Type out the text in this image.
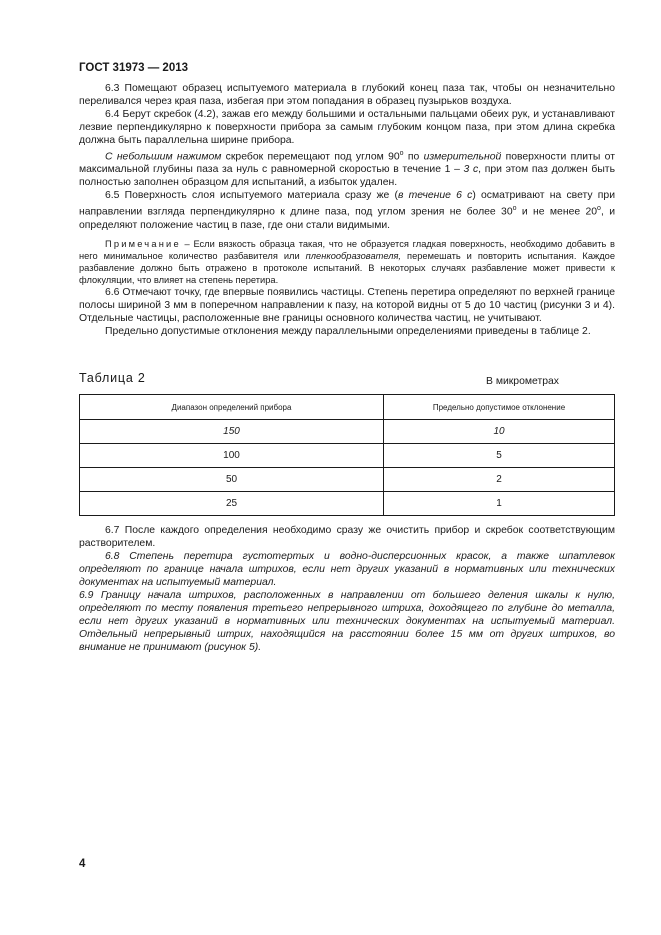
ГОСТ 31973 — 2013

6.3 Помещают образец испытуемого материала в глубокий конец паза так, чтобы он незначительно переливался через края паза, избегая при этом попадания в образец пузырьков воздуха.

6.4 Берут скребок (4.2), зажав его между большими и остальными пальцами обеих рук, и устанавливают лезвие перпендикулярно к поверхности прибора за самым глубоким концом паза, при этом длина скребка должна быть параллельна ширине прибора.

С небольшим нажимом скребок перемещают под углом $90^о$ по измерительной поверхности плиты от максимальной глубины паза за нуль с равномерной скоростью в течение 1 – 3 с, при этом паз должен быть полностью заполнен образцом для испытаний, а избыток удален.

6.5 Поверхность слоя испытуемого материала сразу же (в течение 6 с) осматривают на свету при направлении взгляда перпендикулярно к длине паза, под углом зрения не более $30^о$ и не менее $20^о$, и определяют положение частиц в пазе, где они стали видимыми.

Примечание – Если вязкость образца такая, что не образуется гладкая поверхность, необходимо добавить в него минимальное количество разбавителя или пленкообразователя, перемешать и повторить испытания. Каждое разбавление должно быть отражено в протоколе испытаний. В некоторых случаях разбавление может привести к флокуляции, что влияет на степень перетира.

6.6 Отмечают точку, где впервые появились частицы. Степень перетира определяют по верхней границе полосы шириной 3 мм в поперечном направлении к пазу, на которой видны от 5 до 10 частиц (рисунки 3 и 4). Отдельные частицы, расположенные вне границы основного количества частиц, не учитывают.

Предельно допустимые отклонения между параллельными определениями приведены в таблице 2.

Таблица 2	В микрометрах
Диапазон определений прибора	Предельно допустимое отклонение
150	10
100	5
50	2
25	1

6.7 После каждого определения необходимо сразу же очистить прибор и скребок соответствующим растворителем.

6.8 Степень перетира густотертых и водно-дисперсионных красок, а также шпатлевок определяют по границе начала штрихов, если нет других указаний в нормативных или технических документах на испытуемый материал.

6.9 Границу начала штрихов, расположенных в направлении от большего деления шкалы к нулю, определяют по месту появления третьего непрерывного штриха, доходящего по глубине до металла, если нет других указаний в нормативных или технических документах на испытуемый материал. Отдельный непрерывный штрих, находящийся на расстоянии более 15 мм от других штрихов, во внимание не принимают (рисунок 5).

4
